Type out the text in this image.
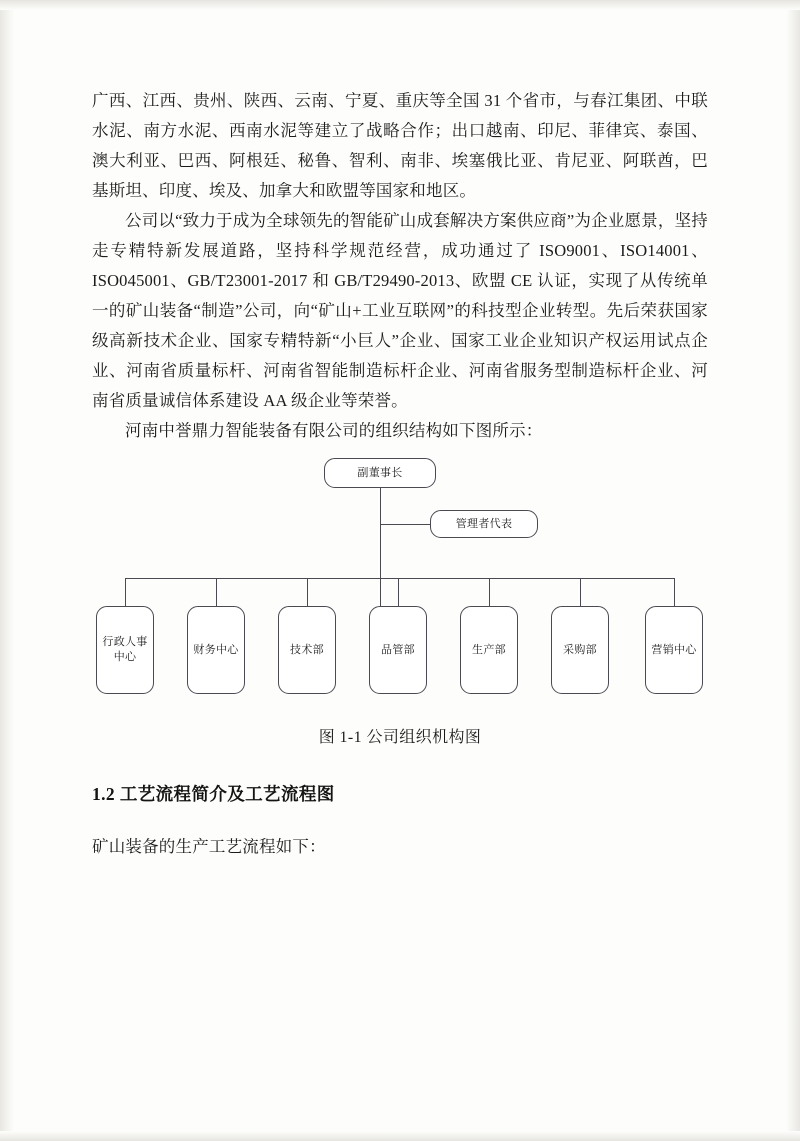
广西、江西、贵州、陕西、云南、宁夏、重庆等全国 31 个省市，与春江集团、中联水泥、南方水泥、西南水泥等建立了战略合作；出口越南、印尼、菲律宾、泰国、澳大利亚、巴西、阿根廷、秘鲁、智利、南非、埃塞俄比亚、肯尼亚、阿联酋，巴基斯坦、印度、埃及、加拿大和欧盟等国家和地区。

公司以“致力于成为全球领先的智能矿山成套解决方案供应商”为企业愿景，坚持走专精特新发展道路，坚持科学规范经营，成功通过了 ISO9001、ISO14001、ISO045001、GB/T23001-2017 和 GB/T29490-2013、欧盟 CE 认证，实现了从传统单一的矿山装备“制造”公司，向“矿山+工业互联网”的科技型企业转型。先后荣获国家级高新技术企业、国家专精特新“小巨人”企业、国家工业企业知识产权运用试点企业、河南省质量标杆、河南省智能制造标杆企业、河南省服务型制造标杆企业、河南省质量诚信体系建设 AA 级企业等荣誉。

河南中誉鼎力智能装备有限公司的组织结构如下图所示：

副董事长
管理者代表
行政人事中心
财务中心	技术部	品管部	生产部	采购部	营销中心
图 1-1 公司组织机构图
1.2 工艺流程简介及工艺流程图

矿山装备的生产工艺流程如下：
